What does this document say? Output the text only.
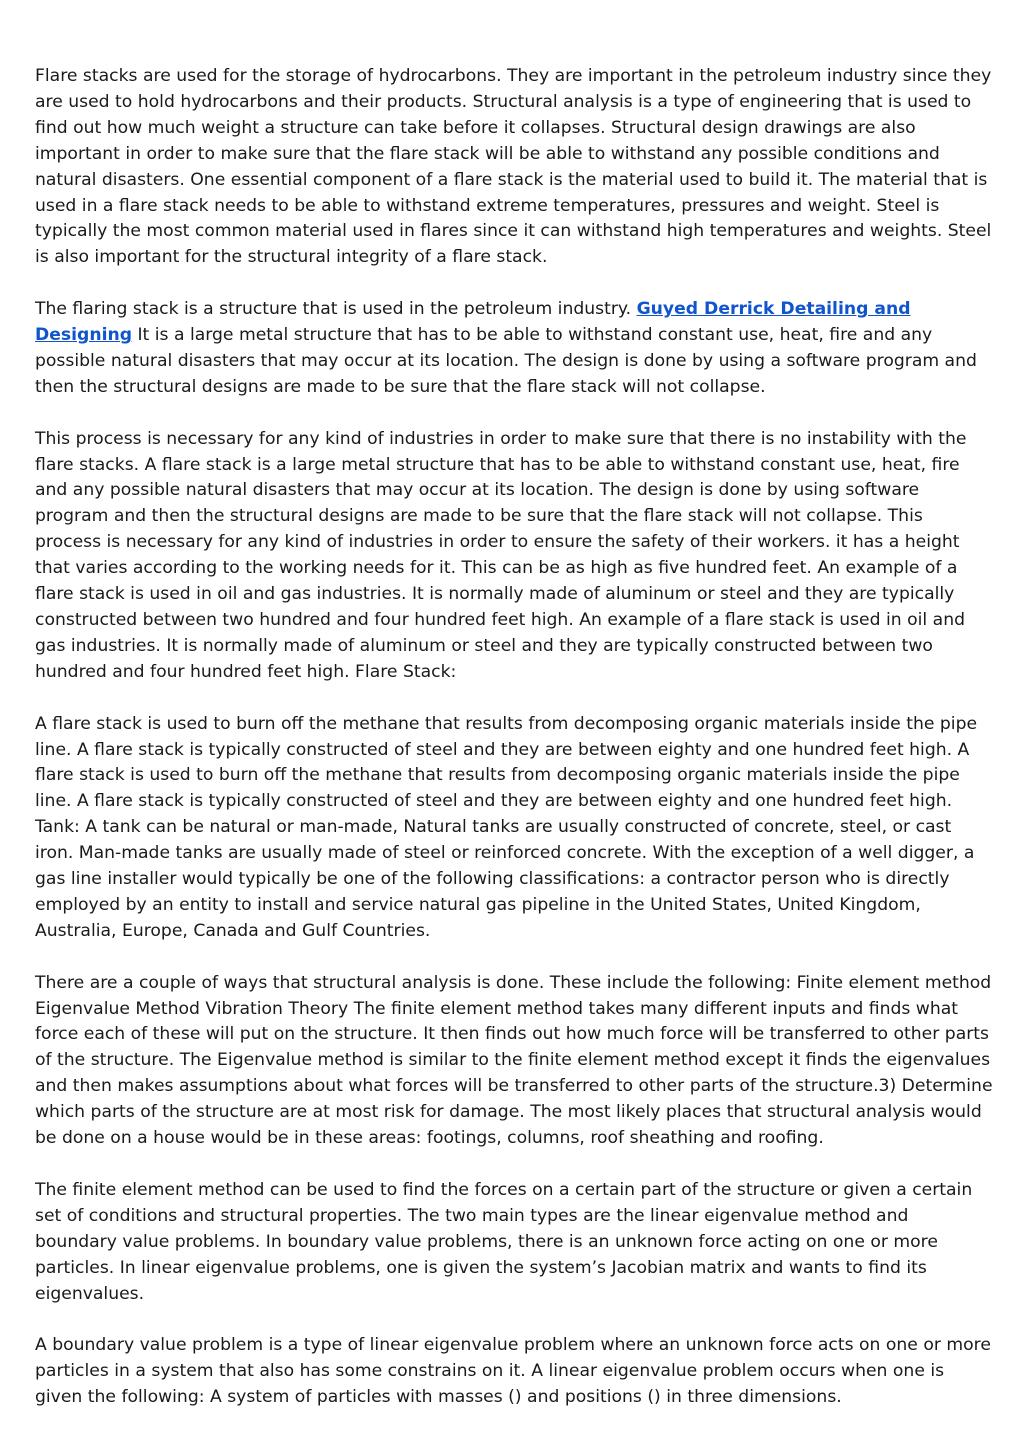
Flare stacks are used for the storage of hydrocarbons. They are important in the petroleum industry since they are used to hold hydrocarbons and their products. Structural analysis is a type of engineering that is used to find out how much weight a structure can take before it collapses. Structural design drawings are also important in order to make sure that the flare stack will be able to withstand any possible conditions and natural disasters. One essential component of a flare stack is the material used to build it. The material that is used in a flare stack needs to be able to withstand extreme temperatures, pressures and weight. Steel is typically the most common material used in flares since it can withstand high temperatures and weights. Steel is also important for the structural integrity of a flare stack.

The flaring stack is a structure that is used in the petroleum industry. Guyed Derrick Detailing and Designing It is a large metal structure that has to be able to withstand constant use, heat, fire and any possible natural disasters that may occur at its location. The design is done by using a software program and then the structural designs are made to be sure that the flare stack will not collapse.

This process is necessary for any kind of industries in order to make sure that there is no instability with the flare stacks. A flare stack is a large metal structure that has to be able to withstand constant use, heat, fire and any possible natural disasters that may occur at its location. The design is done by using software program and then the structural designs are made to be sure that the flare stack will not collapse. This process is necessary for any kind of industries in order to ensure the safety of their workers. it has a height that varies according to the working needs for it. This can be as high as five hundred feet. An example of a flare stack is used in oil and gas industries. It is normally made of aluminum or steel and they are typically constructed between two hundred and four hundred feet high. An example of a flare stack is used in oil and gas industries. It is normally made of aluminum or steel and they are typically constructed between two hundred and four hundred feet high. Flare Stack:

A flare stack is used to burn off the methane that results from decomposing organic materials inside the pipe line. A flare stack is typically constructed of steel and they are between eighty and one hundred feet high. A flare stack is used to burn off the methane that results from decomposing organic materials inside the pipe line. A flare stack is typically constructed of steel and they are between eighty and one hundred feet high. Tank: A tank can be natural or man-made, Natural tanks are usually constructed of concrete, steel, or cast iron. Man-made tanks are usually made of steel or reinforced concrete. With the exception of a well digger, a gas line installer would typically be one of the following classifications: a contractor person who is directly employed by an entity to install and service natural gas pipeline in the United States, United Kingdom, Australia, Europe, Canada and Gulf Countries.

There are a couple of ways that structural analysis is done. These include the following: Finite element method Eigenvalue Method Vibration Theory The finite element method takes many different inputs and finds what force each of these will put on the structure. It then finds out how much force will be transferred to other parts of the structure. The Eigenvalue method is similar to the finite element method except it finds the eigenvalues and then makes assumptions about what forces will be transferred to other parts of the structure.3) Determine which parts of the structure are at most risk for damage. The most likely places that structural analysis would be done on a house would be in these areas: footings, columns, roof sheathing and roofing.

The finite element method can be used to find the forces on a certain part of the structure or given a certain set of conditions and structural properties. The two main types are the linear eigenvalue method and boundary value problems. In boundary value problems, there is an unknown force acting on one or more particles. In linear eigenvalue problems, one is given the system’s Jacobian matrix and wants to find its eigenvalues.

A boundary value problem is a type of linear eigenvalue problem where an unknown force acts on one or more particles in a system that also has some constrains on it. A linear eigenvalue problem occurs when one is given the following: A system of particles with masses () and positions () in three dimensions.
